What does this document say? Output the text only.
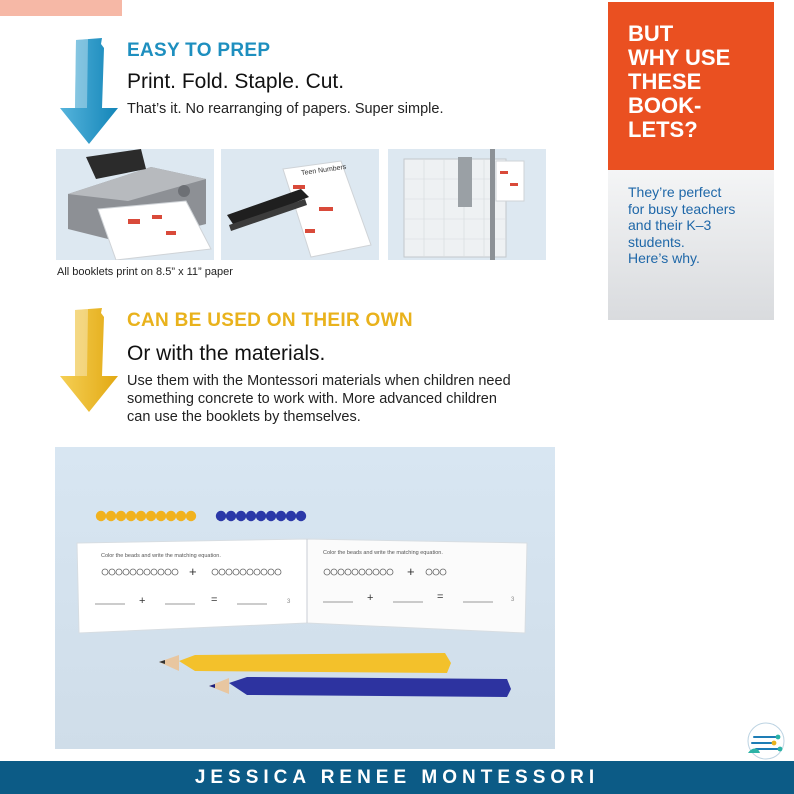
EASY TO PREP
Print. Fold. Staple. Cut.
That’s it. No rearranging of papers. Super simple.
Teen Numbers
All booklets print on 8.5” x 11” paper
CAN BE USED ON THEIR OWN
Or with the materials.
Use them with the Montessori materials when children need
something concrete to work with. More advanced children
can use the booklets by themselves.
Color the beads and write the matching equation.	Color the beads and write the matching equation.
+	+
+	=	+	=
3	3
BUT
WHY USE
THESE
BOOK-
LETS?
They’re perfect
for busy teachers
and their K–3
students.
Here’s why.
JESSICA RENEE MONTESSORI
